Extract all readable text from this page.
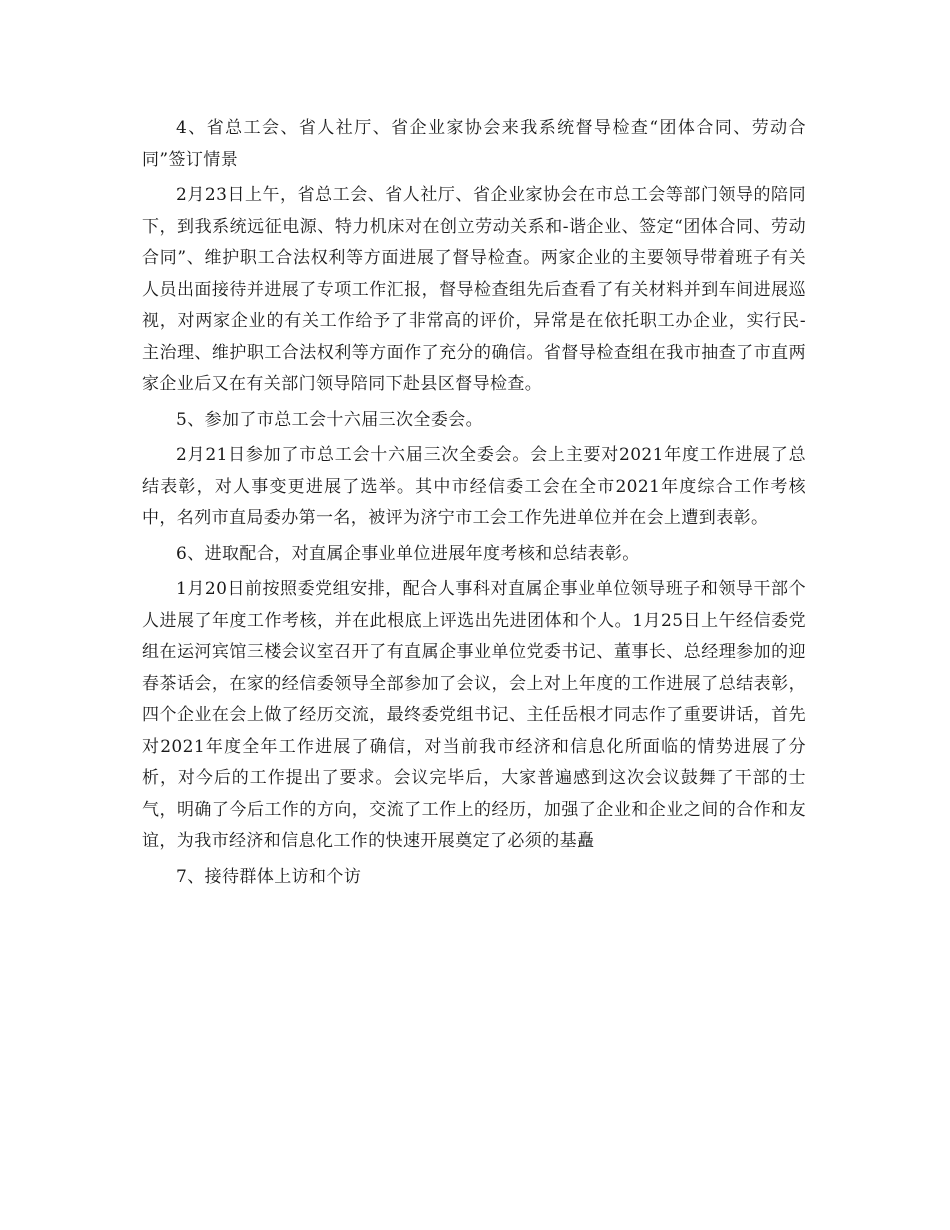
4、省总工会、省人社厅、省企业家协会来我系统督导检查“团体合同、劳动合同”签订情景

2月23日上午，省总工会、省人社厅、省企业家协会在市总工会等部门领导的陪同下，到我系统远征电源、特力机床对在创立劳动关系和-谐企业、签定“团体合同、劳动合同”、维护职工合法权利等方面进展了督导检查。两家企业的主要领导带着班子有关人员出面接待并进展了专项工作汇报，督导检查组先后查看了有关材料并到车间进展巡视，对两家企业的有关工作给予了非常高的评价，异常是在依托职工办企业，实行民-主治理、维护职工合法权利等方面作了充分的确信。省督导检查组在我市抽查了市直两家企业后又在有关部门领导陪同下赴县区督导检查。

5、参加了市总工会十六届三次全委会。

2月21日参加了市总工会十六届三次全委会。会上主要对2021年度工作进展了总结表彰，对人事变更进展了选举。其中市经信委工会在全市2021年度综合工作考核中，名列市直局委办第一名，被评为济宁市工会工作先进单位并在会上遭到表彰。

6、进取配合，对直属企事业单位进展年度考核和总结表彰。

1月20日前按照委党组安排，配合人事科对直属企事业单位领导班子和领导干部个人进展了年度工作考核，并在此根底上评选出先进团体和个人。1月25日上午经信委党组在运河宾馆三楼会议室召开了有直属企事业单位党委书记、董事长、总经理参加的迎春茶话会，在家的经信委领导全部参加了会议，会上对上年度的工作进展了总结表彰，四个企业在会上做了经历交流，最终委党组书记、主任岳根才同志作了重要讲话，首先对2021年度全年工作进展了确信，对当前我市经济和信息化所面临的情势进展了分析，对今后的工作提出了要求。会议完毕后，大家普遍感到这次会议鼓舞了干部的士气，明确了今后工作的方向，交流了工作上的经历，加强了企业和企业之间的合作和友谊，为我市经济和信息化工作的快速开展奠定了必须的基矗

7、接待群体上访和个访
